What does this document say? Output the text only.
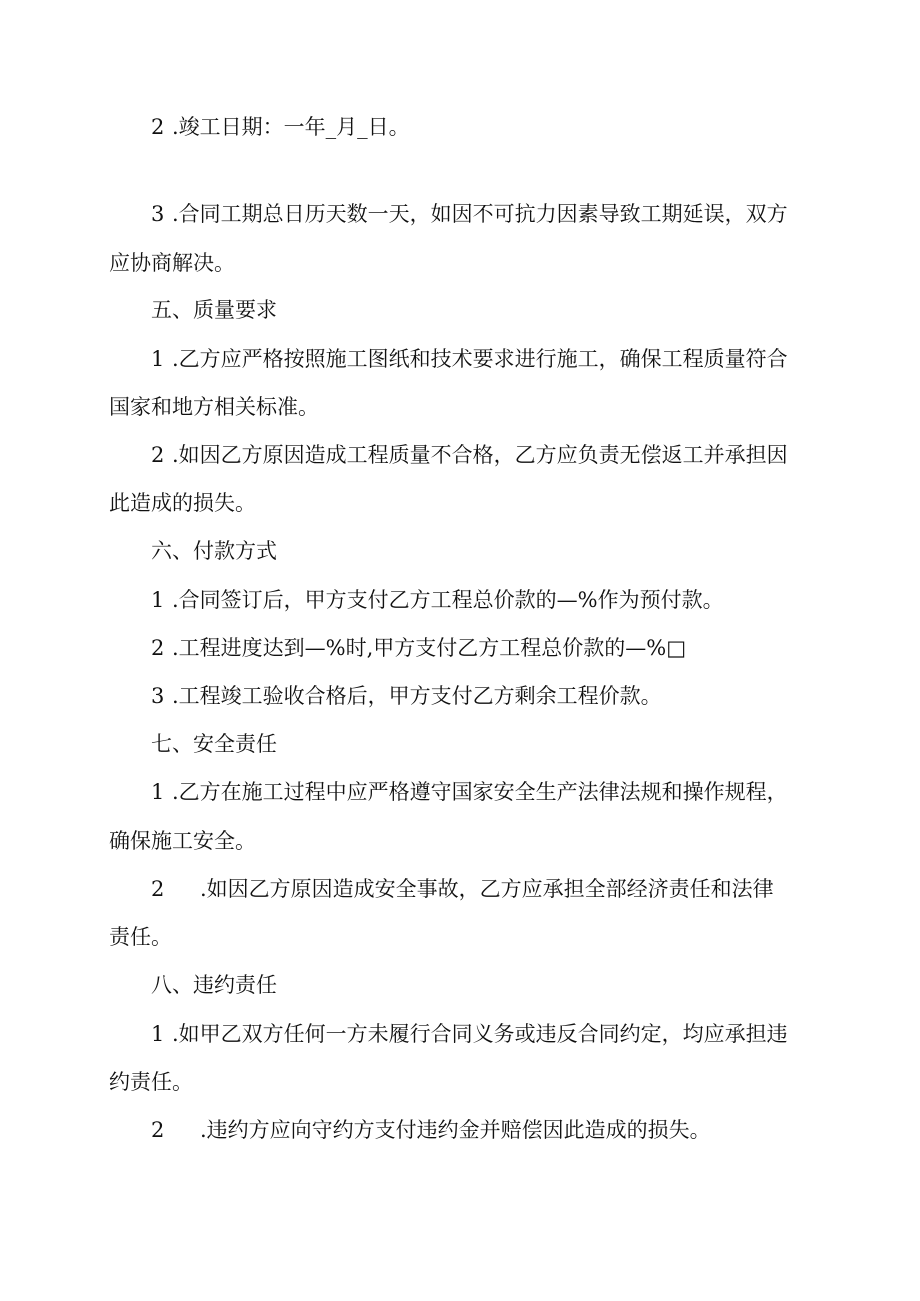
2 .竣工日期：一年_月_日。
3 .合同工期总日历天数一天，如因不可抗力因素导致工期延误，双方
应协商解决。
五、质量要求
1 .乙方应严格按照施工图纸和技术要求进行施工，确保工程质量符合
国家和地方相关标准。
2 .如因乙方原因造成工程质量不合格，乙方应负责无偿返工并承担因
此造成的损失。
六、付款方式
1 .合同签订后，甲方支付乙方工程总价款的—%作为预付款。
2 .工程进度达到—%时,甲方支付乙方工程总价款的—%□
3 .工程竣工验收合格后，甲方支付乙方剩余工程价款。
七、安全责任
1 .乙方在施工过程中应严格遵守国家安全生产法律法规和操作规程，
确保施工安全。
2 .如因乙方原因造成安全事故，乙方应承担全部经济责任和法律
责任。
八、违约责任
1 .如甲乙双方任何一方未履行合同义务或违反合同约定，均应承担违
约责任。
2 .违约方应向守约方支付违约金并赔偿因此造成的损失。
